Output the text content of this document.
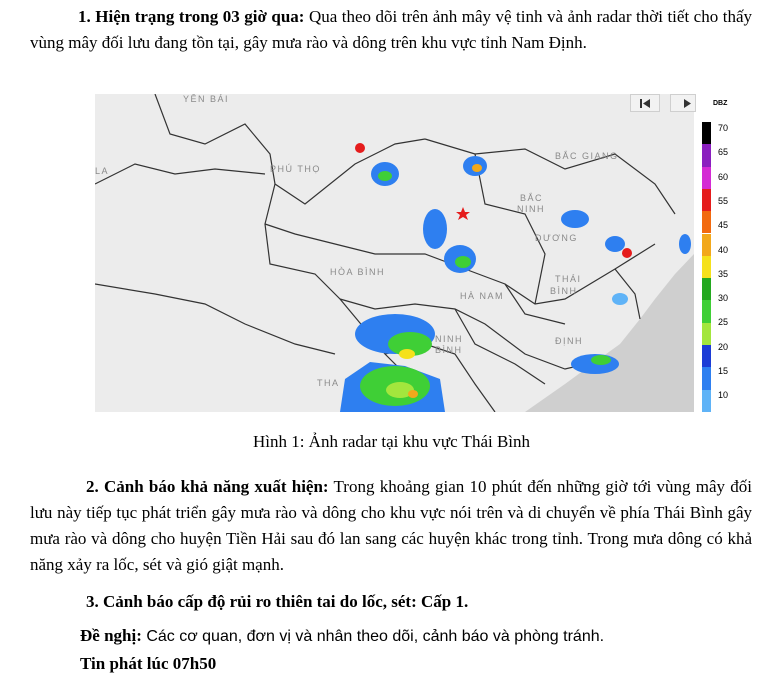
1. Hiện trạng trong 03 giờ qua: Qua theo dõi trên ảnh mây vệ tinh và ảnh radar thời tiết cho thấy vùng mây đối lưu đang tồn tại, gây mưa rào và dông trên khu vực tỉnh Nam Định.
YÊN BÁI
PHÚ THỌ
LA
BẮC GIANG
BẮC
NINH
DƯƠNG
HÒA BÌNH
HÀ NAM
THÁI
BÌNH
NINH
BÌNH
ĐỊNH
THA
DBZ
70
65
60
55
45
40
35
30
25
20
15
10
Hình 1: Ảnh radar tại khu vực Thái Bình
2. Cảnh báo khả năng xuất hiện: Trong khoảng gian 10 phút đến những giờ tới vùng mây đối lưu này tiếp tục phát triển gây mưa rào và dông cho khu vực nói trên và di chuyển về phía Thái Bình gây mưa rào và dông cho huyện Tiền Hải sau đó lan sang các huyện khác trong tỉnh. Trong mưa dông có khả năng xảy ra lốc, sét và gió giật mạnh.
3. Cảnh báo cấp độ rủi ro thiên tai do lốc, sét: Cấp 1.
Đề nghị: Các cơ quan, đơn vị và nhân theo dõi, cảnh báo và phòng tránh.
Tin phát lúc 07h50
